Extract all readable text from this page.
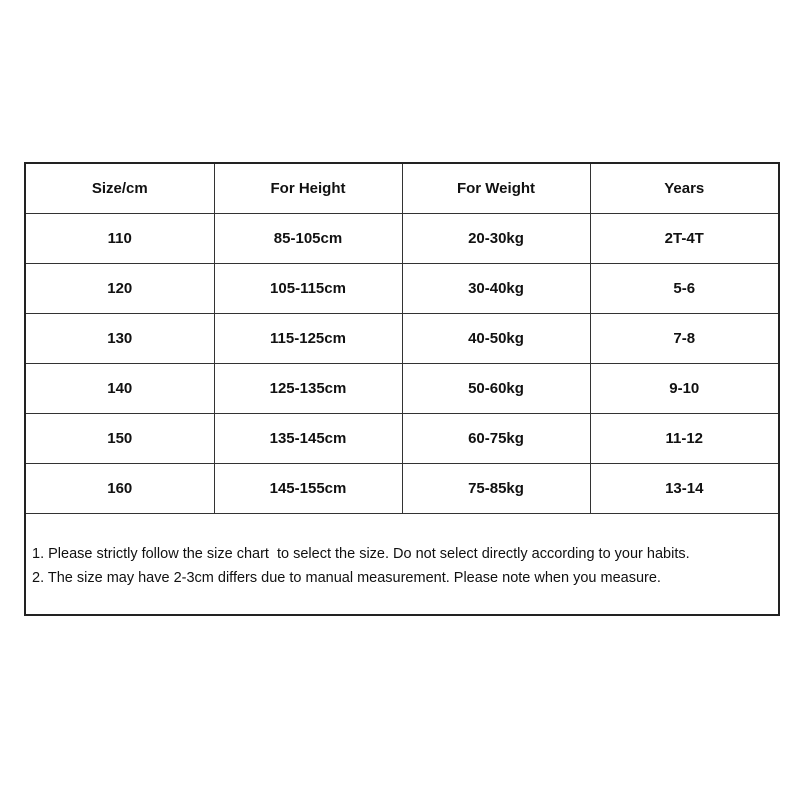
Size/cm	For Height	For Weight	Years
110	85-105cm	20-30kg	2T-4T
120	105-115cm	30-40kg	5-6
130	115-125cm	40-50kg	7-8
140	125-135cm	50-60kg	9-10
150	135-145cm	60-75kg	11-12
160	145-155cm	75-85kg	13-14
1. Please strictly follow the size chart  to select the size. Do not select directly according to your habits.
2. The size may have 2-3cm differs due to manual measurement. Please note when you measure.
